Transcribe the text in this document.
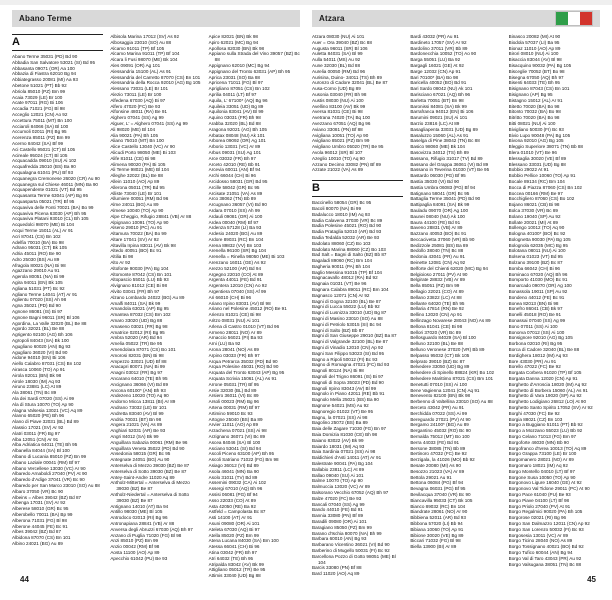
Abano Terme
A
Abano Terme 35031 (PD) Bd 90
Abbadia San Salvatore 53021 (SI) Bd 95
Abbasanta 09071 (OR) Aa 100
Abbazia di Fiastra 62010 Bg 94
Abbiategrasso 20081 (MI) Aa 93
Abetone 51021 (PT) Bb 92
Abriola 85010 (PZ) Bm 99
Acaia 73029 (LE) Br 100
Acate 97011 (RG) Bi 106
Accadia 71021 (FG) Bl 98
Acceglio 12021 (CN) Ao 92
Accettura 75011 (MT) Bn 100
Acciaroli 84066 (SA) Bl 100
Accumoli 02011 (RI) Bg 95
Acerenza 85011 (PZ) Bm 99
Acerno 84042 (SA) Bf 99
Aci Castello 95021 (CT) Bl 105
Acireale 95024 (CT) Bl 105
Acquacadda 09010 (SU) Ai 102
Acquafredda 25010 (BS) Ba 90
Acqualagna 61041 (PU) Bf 93
Acquanegra Cremonese 26020 (CR) Au 90
Acquanegra sul Chiese 46011 (MN) Ba 90
Acquapendente 01021 (VT) Bd 95
Acquasanta Terme 63041 (AP) Bg 95
Acquasparta 05021 (TR) Bf 95
Acquaviva delle Fonti 70021 (BA) Bo 99
Acquaviva Picena 63030 (AP) Bh 95
Acquaviva Platani 93010 (CL) Bh 105
Acquedolci 98070 (ME) Bi 104
Acqui Terme 15011 (AL) Ar 91
Acri 87041 (CS) Bn 102
Adelfia 70010 (BA) Bo 98
Adrano 95031 (CT) Bk 105
Adria 45011 (RO) Be 90
Adro 25030 (BS) Au 89
Afragola 80021 (NA) Bi 98
Agazzano 29010 Au 91
Agerola 80051 (NA) Bi 99
Agira 94011 (EN) Bk 105
Agliana 51031 (PT) Bc 92
Agliano Terme 14041 (AT) Ar 91
Aglientu 07020 (SS) Ah 98
Agna 35021 (PD) Bd 90
Agnone 86081 (IS) Bi 97
Agnone Bagni 96011 (SR) Bl 106
Agordina, La Valle 32020 (BL) Be 88
Agordo 32021 (BL) Be 88
Agrigento 92100 (AG) Bh 106
Agropoli 84043 (SA) Bk 100
Agugliano 60020 (AN) Bg 93
Agugliaro 36020 (VI) Bd 90
Aidone 94010 (EN) Bi 106
Aiello Calabro 87031 (CS) Bn 102
Airasca 10060 (TO) Ap 91
Airola 82011 (BN) Bk 98
Airole 18030 (IM) Aq 93
Airuno 23881 (LC) At 89
Ala 38061 (TN) Bc 89
Ala dei Sardi 07020 (SS) Ai 99
Ala di Stura 10070 (TO) Ap 90
Alagna Valsesia 13021 (VC) Aq 89
Alanno 65020 (PE) Bh 96
Alano di Piave 32031 (BL) Bd 89
Alassio 17021 (SV) Ar 92
Alatri 03011 (FR) Bg 97
Alba 12051 (CN) Ar 91
Alba Adriatica 64011 (TE) Bh 95
Albanella 84044 (SA) Bl 100
Albano di Lucania 85010 (PZ) Bn 99
Albano Laziale 00041 (RM) Bf 97
Albano Vercellese 13030 (VC) Ar 90
Albaredo Arnaboldi 27040 (PV) At 90
Albaredo d'Adige 37041 (VR) Bc 90
Albaredo per San Marco 23010 (SO) Au 88
Albaro 37050 (VR) Bc 90
Albeins = Albes 39042 (BZ) Bd 87
Albenga 17031 (SV) Ar 92
Alberese 58010 (GR) Bc 95
Alberobello 70011 (BA) Bp 99
Alberona 71031 (FG) Bl 98
Alberone 44045 (FE) Bc 91
Albes 39042 (BZ) Bd 87
Albidona 87070 (CS) Bn 101
Albino 24021 (BG) Au 89
Albisola Marina 17012 (SV) As 92
Albosaggia 23010 (SO) Au 88
Alcamo 91011 (TP) Bf 105
Alcamo Marina 91011 (TP) Bf 104
Alcara li Fusi 98070 (ME) Bk 104
Ales 09091 (OR) Ag 101
Alessandria 15100 (AL) As 91
Alessandria del Carretto 87070 (CS) Bn 101
Alessandria della Rocca 92010 (AG) Bg 105
Alessano 73031 (LE) Br 101
Alezio 73011 (LE) Br 100
Alfedena 67030 (AQ) Bi 97
Alfero 47020 (FC) Be 93
Alfonsine 48011 (RA) Be 91
Alghero 07041 (SS) Ag 99
Alguer, L' = Alghero 07041 (SS) Ag 99
Ali 98020 (ME) Bl 104
Alia 90021 (PA) Bh 105
Aliano 75010 (MT) Bn 100
Alice Castello 13040 (VC) Ar 90
Alicudi Porto 98050 (ME) Bi 103
Alife 81011 (CE) Bi 98
Alimena 90020 (PA) Bi 105
Ali Terme 98021 (ME) Bl 104
Alleghe 32022 (BL) Be 88
Allein 11010 (AO) Ap 89
Allerona 05011 (TR) Bd 95
Alliste 73040 (LE) Br 101
Allumiere 00051 (RM) Bd 96
Alme 24011 (BG) Au 89
Almese 10040 (TO) Ap 90
Alpe Cheggio, Rifugio 28841 (VB) Ar 88
Alpignano 10091 (TO) Ap 90
Alseno 29010 (PC) Au 91
Altamura 70022 (BA) Bo 99
Altare 17041 (SV) Ar 92
Altavilla Irpina 83011 (AV) Bk 98
Altedo 40051 (BO) Bc 91
Altilia Bi 98
Alto Ar 92
Altofonte 90030 (PA) Bg 104
Altomonte 87042 (CS) Bn 101
Altopascio 55011 (LU) Bb 93
Alvignano 81012 (CE) Bi 98
Alvito 03041 (FR) Bh 97
Alzano Lombardo 24022 (BG) Au 89
Amalfi 84011 (SA) Bk 99
Amandola 63021 (AP) Bg 95
Amantea 87032 (CS) Bm 102
Amaro 33020 (UD) Bg 88
Amaseno 03021 (FR) Bg 98
Amatrice 02012 (RI) Bg 95
Ambra 52020 (AR) Bd 94
Amelia 05022 (TR) Be 95
Amendolara 87071 (CS) Bo 101
Amorosi 82031 (BN) Bi 98
Ampezzo 33021 (UD) Bf 88
Anacapri 80071 (NA) Bi 99
Anagni 03012 (FR) Bg 97
Ancarano 64010 (TE) Bh 95
Ancignano 36066 (VI) Bd 89
Ancona 60100* (AN) Bh 93
Andezeno 10020 (TO) Aq 90
Andorno Micca 13811 (BI) Ar 89
Andrano 73032 (LE) Br 101
Andretta 83040 (AV) Bl 99
Andria 70031 (BT) Bn 98
Angera 21021 (VA) As 89
Anghiari 52031 (AR) Be 93
Angri 84012 (SA) Bk 99
Anguillara Sabazia 00061 (RM) Be 96
Anguillara Veneta 35022 (PD) Bd 90
Ansedonia 58015 (GR) Bc 95
Antegnate 24051 (BG) Au 90
Anterselva di Mezzo 39030 (BZ) Be 87
Anterselva di Sotto 39030 (BZ) Be 87
Antey-Saint-Andre 11020 Aq 89
Antholz-Mittertal = Anterselva di Mezzo 39030 (BZ) Be 87
Antholz-Niedertal = Anterselva di Sotto 39030 (BZ) Be 87
Antignano 14010 (AT) Ba 94
Antillo 98030 (ME) Bl 105
Antrodoco 02013 (RI) Bg 96
Antronapiana 28841 (VB) Ar 88
Anversa degli Abruzzi 67030 (AQ) Bh 97
Anzano di Puglia 71020 (FG) Bl 98
Anzi 85010 (PZ) Bm 99
Anzio 00042 (RM) Bf 98
Aosta 11100 (AO) Ap 89
Apecchio 61042 (PU) Be 93
Apice 82021 (BN) Bk 98
Apiro 62021 (MC) Bg 94
Apollosa 82030 (BN) Bk 98
Appiano sulla Strada del Vino 39057 (BZ) Bc 88
Appignano 62010 (MC) Bg 94
Appignano del Tronto 63031 (AP) Bh 95
Aprica 23031 (SO) Ba 88
Apricena 71011 (FG) Bl 97
Aprigliano 87051 (CS) Bn 102
Aprilia 04011 (LT) Bf 97
Aquila, L' 67100* (AQ) Bg 96
Aquileia 33051 (UD) Bg 89
Aquilonia 83041 (AV) Bl 99
Aquino 03031 (FR) Bh 98
Arabba 32020 (BL) Bd 88
Aragona 92021 (AG) Bh 105
Arbatax 08048 (NU) Ak 101
Arborea 09092 (OR) Ag 101
Arborio 13031 (VC) Ar 89
Arbus 09031 (SU) Ag 101
Arce 03032 (FR) Bh 97
Arceto 42010 (RE) Bb 91
Arcevia 60011 (AN) Bf 94
Archi 66044 (CH) Bi 96
Arcidosso 58031 (GR) Bd 95
Arcille 58042 (GR) Bc 95
Arcisate 21051 (VA) As 89
Arco 38062 (TN) Bb 89
Arcugnano 36057 (VI) Bd 90
Ardara 07010 (SS) Ah 99
Ardauli 09081 (OR) Ai 100
Ardea 00040 (RM) Bf 97
Ardenza 57128 (LI) Ba 93
Ardesio 24020 (BG) Au 89
Ardore 89031 (RC) Bn 104
Arena 89832 (VV) Bn 103
Arenella 96100 (SR) Bg 104
Arenella = Rinella 98050 (ME) Bi 103
Arenzano 16011 (GE) As 92
Arezzo 52100 (AR) Bd 94
Argegno 22010 (CO) At 89
Argenta 44011 (FE) Bd 91
Argentera 12010 (CN) Ao 92
Argentiera 07040 (SS) Af 99
Ari 66010 (CH) Bi 96
Ariano Irpino 83031 (AV) Bl 98
Ariano nel Polesine 45012 (RO) Be 91
Arienzo 81021 (CE) Bi 98
Aritzo 08031 (NU) Ai 101
Arlena di Castro 01010 (VT) Bd 96
Armeno 28011 (NO) Ar 89
Arnaccio 56021 (PI) Ba 93
Arni (LU) Ba 92
Arona 28041 (NO) As 89
Arpino 03033 (FR) Bh 97
Arqua Petrarca 35032 (PD) Bd 90
Arqua Polesine 45031 (RO) Bd 90
Arquata del Tronto 63043 (AP) Bg 95
Arquata Scrivia 15061 (AL) As 91
Arrone 05031 (TR) Bf 95
Arsie 32030 (BL) Bd 89
Arsiero 36011 (VI) Bc 89
Arsoli 00023 (RM) Bg 96
Artena 00031 (RM) Bf 97
Artimino 59010 Bc 93
Artogne 25040 (BS) Ba 89
Arvier 11011 (AO) Ap 89
Arzachena 07021 (SS) Ai 98
Arzignano 36071 (VI) Bc 89
Ascea 84046 (SA) Bl 100
Asciano 53041 (SI) Bd 94
Ascoli Piceno 63100 (AP) Bh 95
Ascoli Satriano 71022 (FG) Bm 98
Asiago 36012 (VI) Bd 89
Asola 46041 (MN) Ba 90
Asolo 31011 (TV) Bd 89
Assemini 09032 (CA) Ai 102
Assergi 67010 (AQ) Bh 96
Assisi 06081 (PG) Bf 94
Asso 22033 (CO) At 89
Asta 42050 (RE) Ba 92
Astfeld = Campolasta Bc 87
Asti 14100 (AT) Ar 91
Asuni 09080 (OR) Ai 101
Ateleta 67030 (AQ) Bi 97
Atella 85020 (PZ) Bm 99
Atena Lucana 84030 (SA) Bm 100
Atessa 66041 (CH) Bi 96
Atina 03042 (FR) Bh 97
Atri 64032 (TE) Bh 95
Atripalda 83042 (AV) Bk 99
Attigliano 05012 (TR) Be 95
Attimis 33040 (UD) Bg 88
44
Atzara
Atzara 08030 (NU) Ai 101
Auer = Ora 39040 (BZ) Bc 88
Augusta 96011 (SR) Bl 106
Auletta 84031 (SA) Bl 99
Aulla 54011 (MS) Au 92
Aune 32030 (BL) Bd 88
Aurelia 00050 (RM) Bd 96
Aurisina, Duino- 34011 (TS) Bh 89
Auronzo di Cadore 32041 (BL) Be 87
Ausa-Corno (UD) Bg 89
Ausonia 03040 (FR) Bh 98
Austis 08030 (NU) Ai 100
Avellino 83100 (AV) Bk 99
Aversa 81031 (CE) Bi 98
Avetrana 74020 (TA) Bq 100
Avezzano 67051 (AQ) Bg 96
Aviano 33081 (PN) Bf 88
Avigliana 10051 (TO) Ap 90
Avigliano 85021 (PZ) Bm 99
Avigliano Umbro 05020 (TR) Be 95
Avola 96012 (SR) Bl 107
Azeglio 10010 (TO) Aq 90
Azzano Decimo 33082 (PN) Bf 89
Azzate 21022 (VA) As 89
B
Baccinello 58054 (GR) Bc 95
Bacoli 80070 (NA) Bi 99
Badalucco 18010 (IM) Aq 93
Badia Calavena 37030 (VR) Bc 89
Badia Polesine 45021 (RO) Bd 90
Badia Prataglia 52010 (AR) Bd 93
Badia Tedalda 52032 (AR) Be 93
Badolato 88060 (CZ) Bo 103
Badolato Marina 88060 (CZ) Bo 103
Bad Salt = Bagni di Salto (BZ) Bb 87
Bagaladi 89060 (RC) Bm 104
Bagheria 90011 (PA) Bh 104
Baglio Messina 91015 (TP) Bf 104
Bagnacavallo 48012 (RA) Bd 92
Bagnaia 01031 (VT) Be 96
Bagnara Calabra 89011 (RC) Bm 104
Bagnasco 12071 (CN) Ar 92
Bagni di Gogna 32100 (BL) Be 87
Bagni di Lucca 55022 (LU) Bb 92
Bagni di Lusnizza 33010 (UD) Bg 87
Bagni di Masino 23010 (SO) Au 88
Bagni di Petriolo 53015 (SI) Bc 94
Bagni di Salto (BZ) Bb 87
Bagni di San Giuseppe 29010 (BZ) Ba 87
Bagni di Valgrande 32100 (BL) Be 87
Bagni di Vinadio 12010 (CN) Ap 92
Bagni San Filippo 53023 (SI) Bd 95
Bagno a Ripoli 50012 (FI) Bc 93
Bagno di Romagna 47021 (FC) Bd 93
Bagnoli 80124 (NA) Bi 98
Bagnoli del Trigno 86091 (IS) Bi 97
Bagnoli di Sopra 35023 (PD) Bd 90
Bagnoli Irpino 83043 (AV) Bl 99
Bagnolo in Piano 42011 (RE) Bb 91
Bagnolo Mella 25021 (BS) Ba 90
Bagnone 54021 (MS) Au 92
Bagnoregio 01022 (VT) Be 95
Bagnu, la 07021 (SS) Ai 98
Bagolino 25072 (BS) Ba 89
Baia delle Zagare 71030 (FG) Bn 97
Baia Domizia 81030 (CE) Bh 98
Baiano 83022 (AV) Bk 99
Baiardo 18031 (IM) Aq 93
Baia Sardinia 07021 (SS) Ai 98
Baldichieri d'Asti 14011 (AT) Ar 91
Balestrate 90041 (PA) Bg 104
Ballabio 23811 (LC) At 89
Ballao 09040 (SU) Ai 101
Balme 10070 (TO) Ap 90
Balmuccia 13020 (VC) Ar 89
Balsorano Vecchio 67052 (AQ) Bh 97
Balze 47020 (FC) Be 93
Bancali 07040 (SS) Ag 99
Bando 44010 (FE) Bd 91
Bannia 33080 (PN) Bf 89
Baradili 09080 (OR) Ai 101
Baragiano 85050 (PZ) Bm 99
Barano d'Ischia 80070 (NA) Bh 99
Barbara 60010 (AN) Bg 93
Barbarano Vicentino 36021 (VI) Bd 90
Barberino di Mugello 50031 (FI) Bc 92
Barcellona Pozzo di Gotto 98051 (ME) Bl 104
Barcis 33080 (PN) Bf 88
Bard 11020 (AO) Aq 89
Bardi 43032 (PR) Au 91
Bardineto 17057 (SV) Ar 92
Bardolino 37011 (VR) Bb 89
Bardonecchia 10052 (TO) Ao 90
Barga 55051 (LU) Ba 92
Bargagli 16021 (GE) At 92
Barge 12032 (CN) Ap 91
Bari 70100* (BA) Bo 98
Baricella 40052 (BO) Bd 91
Bari Sardo 08042 (NU) Ak 101
Barisciano 67021 (AQ) Bh 96
Barletta 70051 (BT) Bn 98
Baronissi 84081 (SA) Bk 99
Barrafranca 94012 (EN) Bi 106
Barumini 09021 (SU) Ai 101
Barzio 23816 (LC) At 89
Basagliapenta 33031 (UD) Bg 89
Basaluzzo 15060 (AL) As 91
Baselga di Pine 38042 (TN) Bc 88
Basico 98060 (ME) Bk 104
Basovizza 34012 (TS) Bh 89
Bassano, Rifugio 31017 (TV) Bd 89
Bassano del Grappa 36061 (VI) Bd 89
Bassano in Teverina 01030 (VT) Be 95
Bastardo 06030 (PG) Bf 95
Bastia 35030 (VI) Bd 90
Bastia Umbra 06083 (PG) Bf 94
Batignano 58041 (GR) Bc 95
Battaglia Terme 35041 (PD) Bd 90
Battipaglia 84091 (SA) Bk 99
Bauladu 09070 (OR) Ag 100
Baunei 08040 (NU) Ak 100
Baura 44100 (FE) Bd 91
Baveno 28831 (VB) Ar 89
Bazzano 40053 (BO) Bc 91
Beccacivetta 37060 (VR) Bb 90
Bedizzole 25081 (BS) Ba 89
Bedollo 38040 (TN) Bc 88
Bedonia 43041 (PR) Au 91
Beinette 12081 (CN) Aq 92
Belforte del Chienti 62020 (MC) Bg 94
Belgioioso 27011 (PV) At 90
Belgirate 28832 (VB) Ar 89
Bella 85051 (PZ) Bm 99
Bellagio 22021 (CO) At 89
Bellano 23822 (LC) At 88
Bellante 64020 (TE) Bh 95
Bellaria 47814 (RN) Be 92
Bellino 12020 (CN) Ap 91
Bellinzago Novarese 28043 (NO) As 89
Bellona 81041 (CE) Bi 98
Bellori 37020 (VR) Bc 89
Bellosguardo 84029 (SA) Bl 100
Belluno 32100 (BL) Be 88
Belluno Veronese 37020 (VR) Bb 89
Belpasso 95032 (CT) Bk 105
Belprato 39010 (BZ) Bc 87
Belvedere 33050 (UD) Bg 89
Belvedere di Spinello 88824 (KR) Bo 102
Belvedere Marittimo 87021 (CS) Bm 101
Benetutti 07010 (SS) Ai 100
Bene Vagienna 12041 (CN) Aq 91
Benevento 82100 (BN) Bk 98
Berbenno di Valtellina 23010 (SO) Au 88
Berceto 43042 (PR) Au 91
Berchidda 07022 (SS) Ai 99
Bereguardo 27021 (PV) At 90
Bergamo 24100* (BG) Au 89
Bergantino 45032 (RO) Bc 90
Bernalda 75012 (MT) Bo 100
Berra 44033 (FE) Bd 91
Bersone 38085 (TN) Bb 89
Bertinoro 47032 (FC) Be 92
Berzigala, la 41026 (MO) Bb 92
Besate 20080 (MI) As 90
Besozzo 21023 (VA) Ar 89
Bettola 29021 Au 91
Bettona 06084 (PG) Bf 94
Bevagna 06031 (PG) Bf 95
Bevilacqua 37040 (VR) Bc 90
Biancavilla 95033 (CT) Bk 105
Bianco 89032 (RC) Bn 104
Biandrate 28061 (NO) Ar 90
Bibbiena 52011 (AR) Bd 93
Bibbona 57020 (LI) Bb 94
Bibiana 10060 (TO) Ap 91
Bibione 30020 (VE) Bg 89
Biccari 71032 (FG) Bl 98
Biella 13900 (BI) Ar 89
Binasco 20082 (MI) At 90
Biodola 57037 (LI) Ba 95
Bionaz 11010 (AO) Ap 89
Birori 08010 (NU) Ai 100
Bisaccia 83044 (AV) Bl 98
Bisacquino 90032 (PA) Bg 105
Bisceglie 70052 (BT) Bo 98
Bisegna 67050 (AQ) Bh 97
Bisenti 64033 (TE) Bh 95
Bisignano 87043 (CS) Bn 101
Bisignano (AP) Bg 95
Bistagno 15012 (AL) Ar 91
Bitetto 70020 (BA) Bo 98
Bitonto 70032 (BA) Bo 98
Bitritto 70020 (BA) Bo 98
Bitti 08021 (NU) Ai 100
Bivigliano 50030 (FI) Bc 93
Bivio Lupo 90048 (PA) Bg 105
Bivona 92010 (AG) Bg 105
Bleggio Superiore 38071 (TN) Bb 88
Blera 01010 (VT) Be 96
Blessaglia 30020 (VE) Bf 89
Blessano 33031 (UD) Bg 88
Bobbio 29022 At 91
Bobbio Pellice 10060 (TO) Ap 91
Bocale 89134 (RC) Bm 104
Bocca di Piazza 87060 (CS) Bn 102
Boccea 00166 (RM) Be 97
Bocchigliero 87060 (CS) Bo 102
Bojano 86021 (CB) Bi 98
Bolca 37030 (VR) Bc 89
Bolano 19040 (SP) Au 92
Bollate 20021 (MI) At 89
Bollengo 10012 (TO) Aq 90
Bologna 40100* (BO) Bc 92
Bolognetta 90030 (PA) Bg 105
Bolognola 62035 (MC) Bg 95
Bolotana 08011 (NU) Ai 100
Bolsena 01023 (VT) Bd 95
Bolzano 39100 (BZ) Bc 87
Bomba 66042 (CH) Bi 96
Bominaco 67020 (AQ) Bh 96
Bomporto 41030 (MO) Bc 91
Bonarcado 09070 (OR) Ag 100
Bonassola 19011 (SP) Au 92
Bondeno 44012 (FE) Bc 91
Bonea 82013 (BN) Bi 98
Bonefro 86041 (CB) Bk 97
Bonelli 45018 (RO) Be 91
Bonassai 07040 (SS) Ag 99
Bono 07011 (SS) Ai 100
Bonorva 07012 (SS) Ai 100
Bonsignore 92010 (AG) Bg 105
Borbona 02010 (RI) Bg 95
Borca di Cadore 32040 (BL) Be 88
Bordighera 18012 (IM) Aq 93
Bore 43030 (PR) Au 91
Borello 47022 (FC) Be 92
Borgata Corbera 91020 (TP) Bf 105
Borgata Danna 12020 (CN) Ap 91
Borghetto d'Arroscia 18020 (IM) Aq 92
Borghetto di Borbera 15060 (AL) As 91
Borghetto di Vara 19020 (SP) Au 92
Borghetto Lodigiano 26812 (LO) At 90
Borghetto Santo Spirito 17052 (SV) Ar 92
Borghi 47030 (FC) Be 92
Borgia 88021 (CZ) Bn 103
Borgo a Buggiano 51011 (PT) Bb 92
Borgo a Mozzano 55023 (LU) Bb 92
Borgo Celano 71013 (FG) Bm 97
Borgoforte 46030 (MN) Bb 90
Borgofranco d'Ivrea 10013 (TO) Aq 89
Borgo Grappa 73100 (LE) Br 100
Borgomanero 28021 (NO) Ar 89
Borgomaro 18021 (IM) Aq 92
Borgo Montello 04010 (LT) Bf 97
Borgone Susa 10050 (TO) Ap 90
Borgonovo Ligure 16040 (GE) At 92
Borgonovo Val Tidone 29011 (PC) At 90
Borgo Pace 61040 (PU) Be 93
Borgo Piave 04100 (LT) Bf 98
Borgo Priolo 27040 (PV) At 91
Borgo Regalmici 90020 (PA) Bh 105
Borgorose 02021 (RI) Bg 96
Borgo San Dalmazzo 12011 (CN) Ap 92
Borgo San Lorenzo 50032 (FI) Bc 93
Borgosesia 13011 (VC) Ar 89
Borgo Ticino 28040 (NO) As 89
Borgo Tossignano 40021 (BO) Bd 92
Borgo Tufico 60044 (AN) Bg 94
Borgo Val di Taro 43043 (PR) Au 92
Borgo Valsugana 38051 (TN) Bc 88
45
